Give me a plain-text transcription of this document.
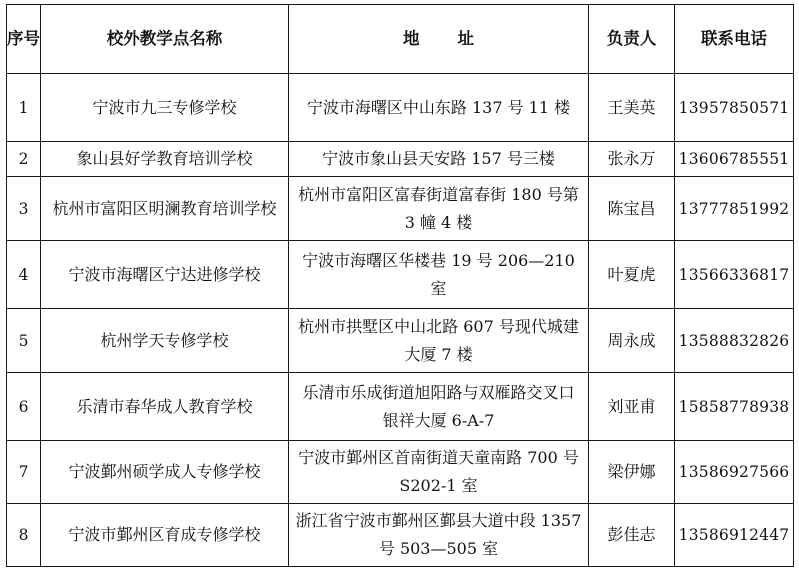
序号	校外教学点名称	地 址	负责人	联系电话
1	宁波市九三专修学校	宁波市海曙区中山东路 137 号 11 楼	王美英	13957850571
2	象山县好学教育培训学校	宁波市象山县天安路 157 号三楼	张永万	13606785551
3	杭州市富阳区明澜教育培训学校	杭州市富阳区富春街道富春街 180 号第 3 幢 4 楼	陈宝昌	13777851992
4	宁波市海曙区宁达进修学校	宁波市海曙区华楼巷 19 号 206—210 室	叶夏虎	13566336817
5	杭州学天专修学校	杭州市拱墅区中山北路 607 号现代城建大厦 7 楼	周永成	13588832826
6	乐清市春华成人教育学校	乐清市乐成街道旭阳路与双雁路交叉口银祥大厦 6-A-7	刘亚甫	15858778938
7	宁波鄞州硕学成人专修学校	宁波市鄞州区首南街道天童南路 700 号 S202-1 室	梁伊娜	13586927566
8	宁波市鄞州区育成专修学校	浙江省宁波市鄞州区鄞县大道中段 1357 号 503—505 室	彭佳志	13586912447
